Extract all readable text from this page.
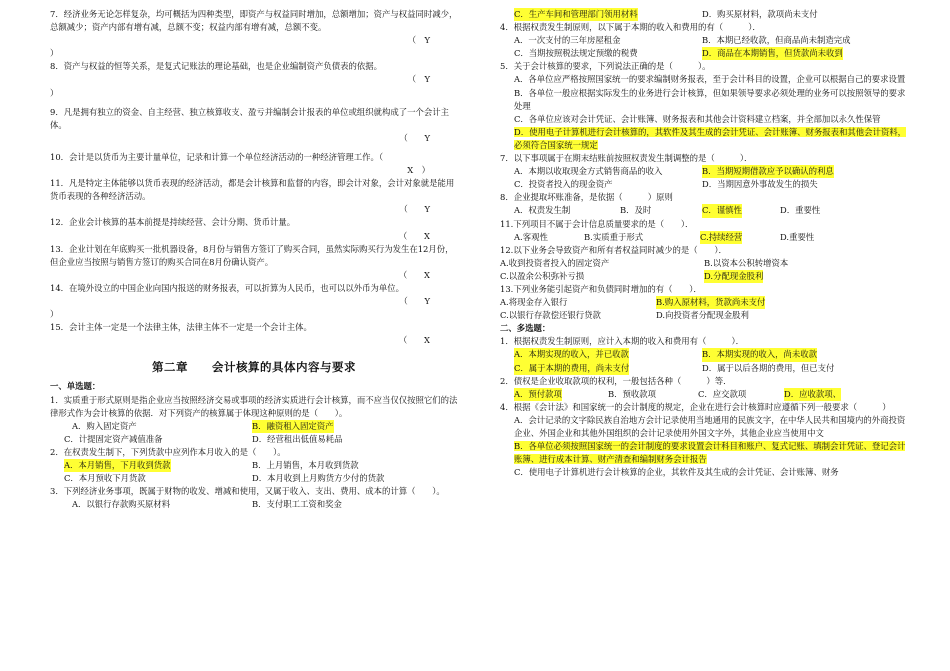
7．经济业务无论怎样复杂，均可概括为四种类型，即资产与权益同时增加，总额增加；资产与权益同时减少，总额减少；资产内部有增有减，总额不变；权益内部有增有减，总额不变。

（　Y

）

8．资产与权益的恒等关系，是复式记账法的理论基础，也是企业编制资产负债表的依据。

（　Y

）

9．凡是拥有独立的资金、自主经营、独立核算收支、盈亏并编制会计报表的单位或组织就构成了一个会计主体。

（　　Y

10．会计是以货币为主要计量单位，记录和计算一个单位经济活动的一种经济管理工作。（

X　）

11．凡是特定主体能够以货币表现的经济活动，都是会计核算和监督的内容，即会计对象，会计对象就是能用货币表现的各种经济活动。

（　　Y

12．企业会计核算的基本前提是持续经营、会计分期、货币计量。

（　　X

13．企业计划在年底购买一批机器设备，8月份与销售方签订了购买合同，虽然实际购买行为发生在12月份，但企业应当按照与销售方签订的购买合同在8月份确认资产。

（　　X

14．在境外设立的中国企业向国内报送的财务报表，可以折算为人民币，也可以以外币为单位。

（　　Y

）

15．会计主体一定是一个法律主体，法律主体不一定是一个会计主体。

（　　X

第二章　　会计核算的具体内容与要求

一、单选题：

1．实质重于形式原则是指企业应当按照经济交易或事项的经济实质进行会计核算，而不应当仅仅按照它们的法律形式作为会计核算的依据．对下列资产的核算属于体现这种原则的是（　　）。

A．购入固定资产	B．融资租入固定资产
C．计提固定资产减值准备	D．经营租出低值易耗品

2．在权责发生制下，下列货款中应列作本月收入的是（　　）。

A．本月销售，下月收到货款	B．上月销售，本月收到货款
C．本月预收下月货款	D．本月收到上月购货方少付的货款

3．下列经济业务事项，既属于财物的收发、增减和使用，又属于收入、支出、费用、成本的计算（　　）。

A．以银行存款购买原材料	B．支付职工工资和奖金
C．生产车间和管理部门领用材料	D．购买原材料，款项尚未支付

4．根据权责发生制原则，以下属于本期的收入和费用的有（　　　）．

A．一次支付的三年房屋租金	B．本期已经收款，但商品尚未制造完成
C．当期按照税法规定预缴的税费	D．商品在本期销售，但货款尚未收到

5．关于会计核算的要求，下列说法正确的是（　　　）。

A．各单位应严格按照国家统一的要求编制财务报表，至于会计科目的设置，企业可以根据自己的要求设置

B．各单位一般应根据实际发生的业务进行会计核算，但如果领导要求必须处理的业务可以按照领导的要求处理

C．各单位应该对会计凭证、会计账簿、财务报表和其他会计资料建立档案，并全部加以永久性保管

D．使用电子计算机进行会计核算的，其软件及其生成的会计凭证、会计账簿、财务报表和其他会计资料，必须符合国家统一规定

7．以下事项属于在期末结账前按照权责发生制调整的是（　　　）．

A．本期以收取现金方式销售商品的收入	B．当期短期借款应予以确认的利息
C．投资者投入的现金资产	D．当期因意外事故发生的损失

8．企业提取坏账准备，是依据（　　　）原则

A．权责发生制	B．及时	C．谨慎性	D．重要性

11.下列项目不属于会计信息质量要求的是（　　）．

A.客观性	B.实质重于形式	C.持续经营	D.重要性

12.以下业务会导致资产和所有者权益同时减少的是（　　）．

A.收到投资者投入的固定资产	B.以资本公积转增资本
C.以盈余公积弥补亏损	D.分配现金股利

13.下列业务能引起资产和负债同时增加的有（　　）．

A.将现金存入银行	B.购入原材料，货款尚未支付
C.以银行存款偿还银行贷款	D.向投资者分配现金股利

二、多选题：

1．根据权责发生制原则，应计入本期的收入和费用有（　　　）．

A．本期实现的收入，并已收款	B．本期实现的收入，尚未收款
C．属于本期的费用，尚未支付	D．属于以后各期的费用，但已支付

2．债权是企业收取款项的权利，一般包括各种（　　　）等．

A．预付款项	B．预收款项	C．应交款项	D．应收款项、

4．根据《会计法》和国家统一的会计制度的规定，企业在进行会计核算时应遵循下列一般要求（　　　）

A．会计记录的文字除民族自治地方会计记录使用当地通用的民族文字，在中华人民共和国境内的外商投资企业、外国企业和其他外国组织的会计记录使用外国文字外，其他企业应当使用中文

B．各单位必须按照国家统一的会计制度的要求设置会计科目和账户、复式记账、填制会计凭证、登记会计账簿、进行成本计算、财产清查和编制财务会计报告

C．使用电子计算机进行会计核算的企业，其软件及其生成的会计凭证、会计账簿、财务
